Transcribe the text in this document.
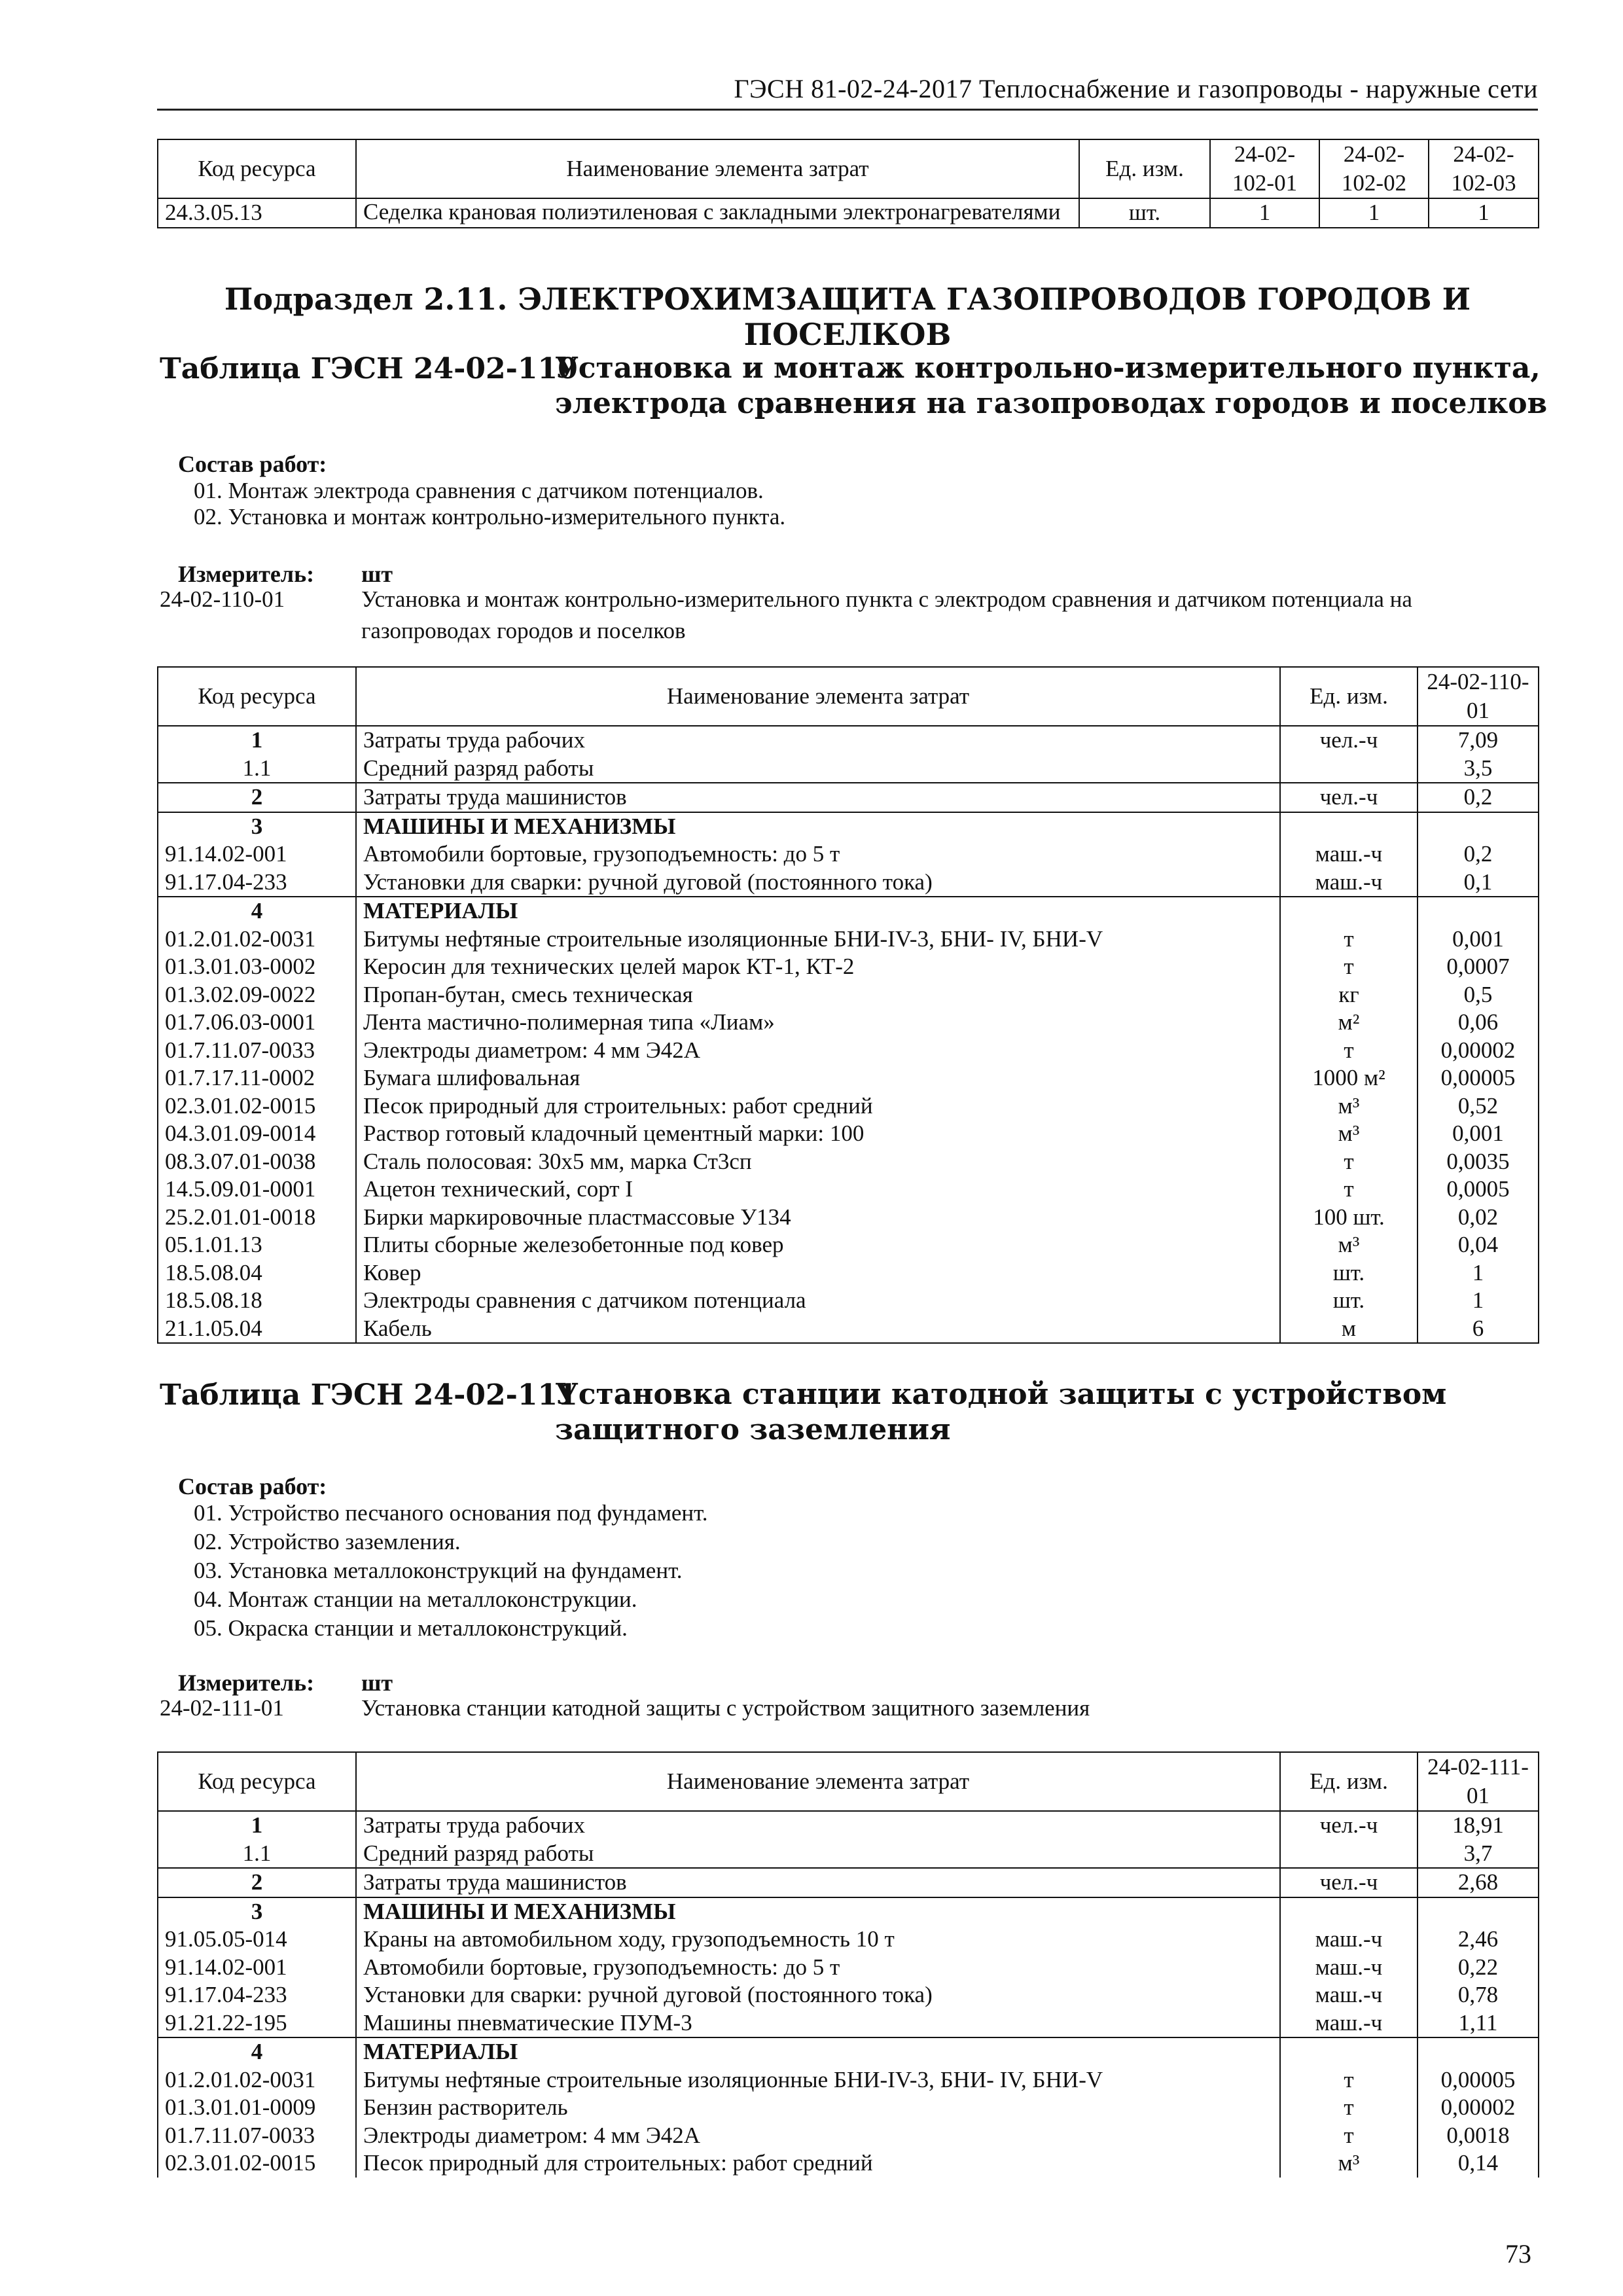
ГЭСН 81-02-24-2017 Теплоснабжение и газопроводы - наружные сети
Код ресурса	Наименование элемента затрат	Ед. изм.	24-02-102-01	24-02-102-02	24-02-102-03
24.3.05.13	Седелка крановая полиэтиленовая с закладными электронагревателями	шт.	1	1	1
Подраздел 2.11. ЭЛЕКТРОХИМЗАЩИТА ГАЗОПРОВОДОВ ГОРОДОВ И ПОСЕЛКОВ
Таблица ГЭСН 24-02-110
Установка и монтаж контрольно-измерительного пункта, электрода сравнения на газопроводах городов и поселков
Состав работ:
01. Монтаж электрода сравнения с датчиком потенциалов.
02. Установка и монтаж контрольно-измерительного пункта.
Измеритель: шт
24-02-110-01	Установка и монтаж контрольно-измерительного пункта с электродом сравнения и датчиком потенциала на газопроводах городов и поселков
Код ресурса	Наименование элемента затрат	Ед. изм.	24-02-110-01
1	Затраты труда рабочих	чел.-ч	7,09
1.1	Средний разряд работы		3,5
2	Затраты труда машинистов	чел.-ч	0,2
3	МАШИНЫ И МЕХАНИЗМЫ		
91.14.02-001	Автомобили бортовые, грузоподъемность: до 5 т	маш.-ч	0,2
91.17.04-233	Установки для сварки: ручной дуговой (постоянного тока)	маш.-ч	0,1
4	МАТЕРИАЛЫ		
01.2.01.02-0031	Битумы нефтяные строительные изоляционные БНИ-IV-3, БНИ- IV, БНИ-V	т	0,001
01.3.01.03-0002	Керосин для технических целей марок КТ-1, КТ-2	т	0,0007
01.3.02.09-0022	Пропан-бутан, смесь техническая	кг	0,5
01.7.06.03-0001	Лента мастично-полимерная типа «Лиам»	м²	0,06
01.7.11.07-0033	Электроды диаметром: 4 мм Э42А	т	0,00002
01.7.17.11-0002	Бумага шлифовальная	1000 м²	0,00005
02.3.01.02-0015	Песок природный для строительных: работ средний	м³	0,52
04.3.01.09-0014	Раствор готовый кладочный цементный марки: 100	м³	0,001
08.3.07.01-0038	Сталь полосовая: 30х5 мм, марка Ст3сп	т	0,0035
14.5.09.01-0001	Ацетон технический, сорт I	т	0,0005
25.2.01.01-0018	Бирки маркировочные пластмассовые У134	100 шт.	0,02
05.1.01.13	Плиты сборные железобетонные под ковер	м³	0,04
18.5.08.04	Ковер	шт.	1
18.5.08.18	Электроды сравнения с датчиком потенциала	шт.	1
21.1.05.04	Кабель	м	6
Таблица ГЭСН 24-02-111
Установка станции катодной защиты с устройством защитного заземления
Состав работ:
01. Устройство песчаного основания под фундамент.
02. Устройство заземления.
03. Установка металлоконструкций на фундамент.
04. Монтаж станции на металлоконструкции.
05. Окраска станции и металлоконструкций.
Измеритель: шт
24-02-111-01	Установка станции катодной защиты с устройством защитного заземления
Код ресурса	Наименование элемента затрат	Ед. изм.	24-02-111-01
1	Затраты труда рабочих	чел.-ч	18,91
1.1	Средний разряд работы		3,7
2	Затраты труда машинистов	чел.-ч	2,68
3	МАШИНЫ И МЕХАНИЗМЫ		
91.05.05-014	Краны на автомобильном ходу, грузоподъемность 10 т	маш.-ч	2,46
91.14.02-001	Автомобили бортовые, грузоподъемность: до 5 т	маш.-ч	0,22
91.17.04-233	Установки для сварки: ручной дуговой (постоянного тока)	маш.-ч	0,78
91.21.22-195	Машины пневматические ПУМ-3	маш.-ч	1,11
4	МАТЕРИАЛЫ		
01.2.01.02-0031	Битумы нефтяные строительные изоляционные БНИ-IV-3, БНИ- IV, БНИ-V	т	0,00005
01.3.01.01-0009	Бензин растворитель	т	0,00002
01.7.11.07-0033	Электроды диаметром: 4 мм Э42А	т	0,0018
02.3.01.02-0015	Песок природный для строительных: работ средний	м³	0,14
73
